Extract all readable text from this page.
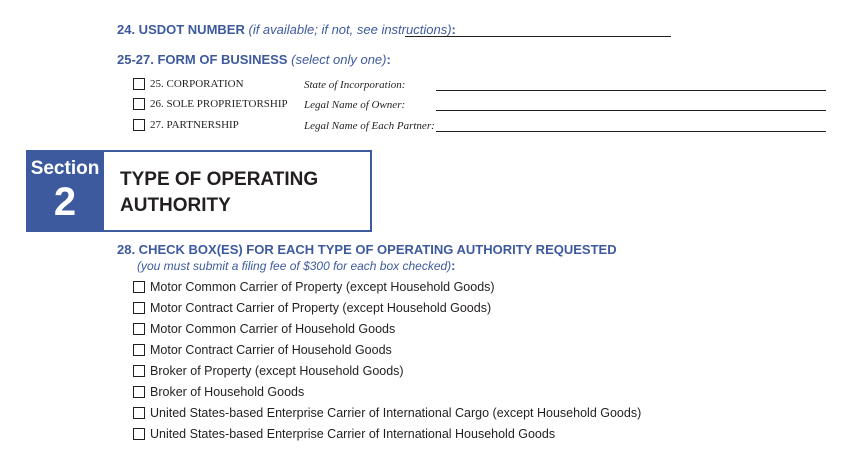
24. USDOT NUMBER (if available; if not, see instructions):
25-27. FORM OF BUSINESS (select only one):
25. CORPORATION	State of Incorporation:
26. SOLE PROPRIETORSHIP Legal Name of Owner:
27. PARTNERSHIP	Legal Name of Each Partner:
Section
2
TYPE OF OPERATING
AUTHORITY
28. CHECK BOX(ES) FOR EACH TYPE OF OPERATING AUTHORITY REQUESTED
(you must submit a filing fee of $300 for each box checked):
Motor Common Carrier of Property (except Household Goods)
Motor Contract Carrier of Property (except Household Goods)
Motor Common Carrier of Household Goods
Motor Contract Carrier of Household Goods
Broker of Property (except Household Goods)
Broker of Household Goods
United States-based Enterprise Carrier of International Cargo (except Household Goods)
United States-based Enterprise Carrier of International Household Goods
